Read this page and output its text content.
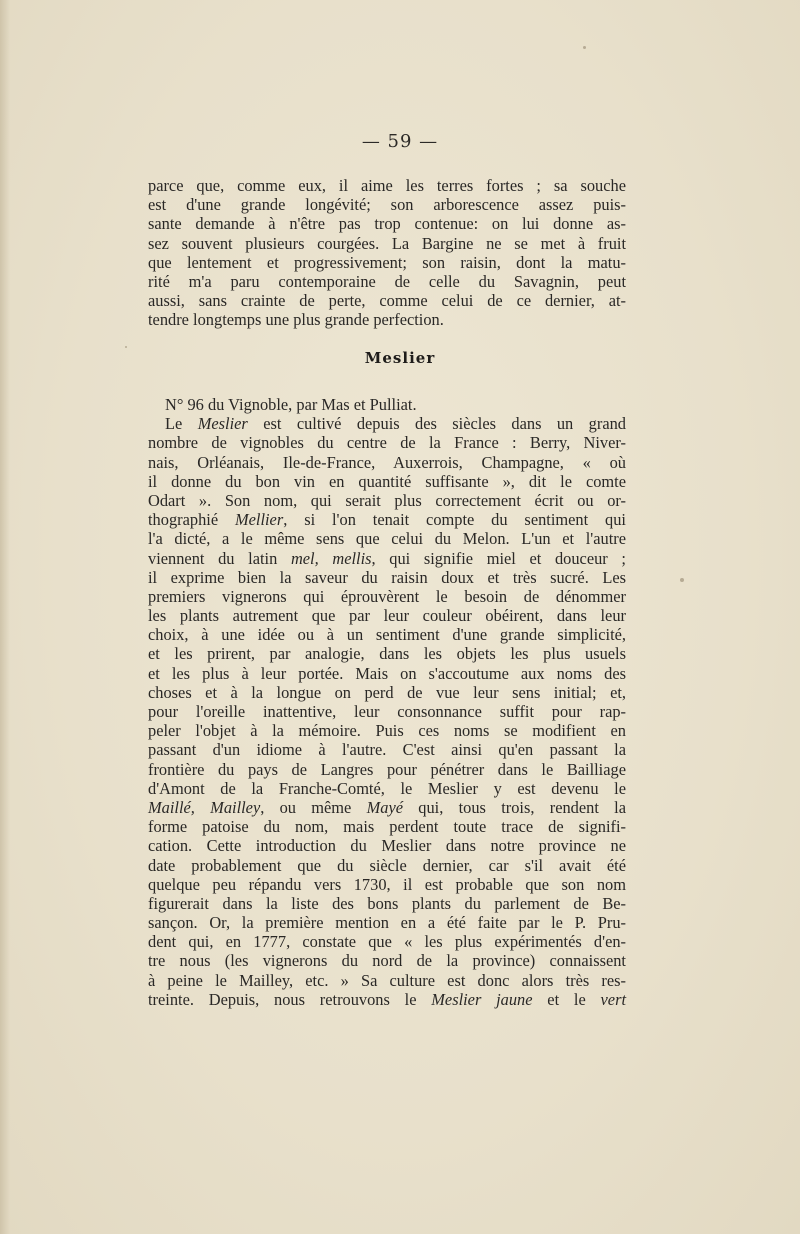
— 59 —
parce que, comme eux, il aime les terres fortes ; sa souche
est d'une grande longévité; son arborescence assez puis-
sante demande à n'être pas trop contenue: on lui donne as-
sez souvent plusieurs courgées. La Bargine ne se met à fruit
que lentement et progressivement; son raisin, dont la matu-
rité m'a paru contemporaine de celle du Savagnin, peut
aussi, sans crainte de perte, comme celui de ce dernier, at-
tendre longtemps une plus grande perfection.
Meslier
N° 96 du Vignoble, par Mas et Pulliat.
Le Meslier est cultivé depuis des siècles dans un grand
nombre de vignobles du centre de la France : Berry, Niver-
nais, Orléanais, Ile-de-France, Auxerrois, Champagne, « où
il donne du bon vin en quantité suffisante », dit le comte
Odart ». Son nom, qui serait plus correctement écrit ou or-
thographié Mellier, si l'on tenait compte du sentiment qui
l'a dicté, a le même sens que celui du Melon. L'un et l'autre
viennent du latin mel, mellis, qui signifie miel et douceur ;
il exprime bien la saveur du raisin doux et très sucré. Les
premiers vignerons qui éprouvèrent le besoin de dénommer
les plants autrement que par leur couleur obéirent, dans leur
choix, à une idée ou à un sentiment d'une grande simplicité,
et les prirent, par analogie, dans les objets les plus usuels
et les plus à leur portée. Mais on s'accoutume aux noms des
choses et à la longue on perd de vue leur sens initial; et,
pour l'oreille inattentive, leur consonnance suffit pour rap-
peler l'objet à la mémoire. Puis ces noms se modifient en
passant d'un idiome à l'autre. C'est ainsi qu'en passant la
frontière du pays de Langres pour pénétrer dans le Bailliage
d'Amont de la Franche-Comté, le Meslier y est devenu le
Maillé, Mailley, ou même Mayé qui, tous trois, rendent la
forme patoise du nom, mais perdent toute trace de signifi-
cation. Cette introduction du Meslier dans notre province ne
date probablement que du siècle dernier, car s'il avait été
quelque peu répandu vers 1730, il est probable que son nom
figurerait dans la liste des bons plants du parlement de Be-
sançon. Or, la première mention en a été faite par le P. Pru-
dent qui, en 1777, constate que « les plus expérimentés d'en-
tre nous (les vignerons du nord de la province) connaissent
à peine le Mailley, etc. » Sa culture est donc alors très res-
treinte. Depuis, nous retrouvons le Meslier jaune et le vert
